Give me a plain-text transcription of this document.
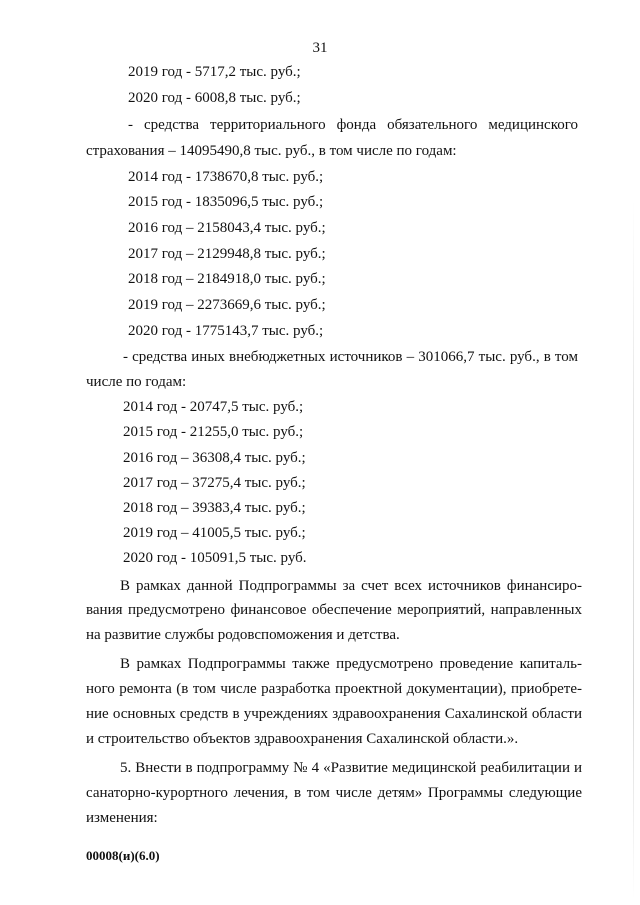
31
2019 год - 5717,2 тыс. руб.;
2020 год - 6008,8 тыс. руб.;
- средства территориального фонда обязательного медицинского
страхования – 14095490,8 тыс. руб., в том числе по годам:
2014 год - 1738670,8 тыс. руб.;
2015 год - 1835096,5 тыс. руб.;
2016 год – 2158043,4 тыс. руб.;
2017 год – 2129948,8 тыс. руб.;
2018 год – 2184918,0 тыс. руб.;
2019 год – 2273669,6 тыс. руб.;
2020 год - 1775143,7 тыс. руб.;
- средства иных внебюджетных источников – 301066,7 тыс. руб., в том
числе по годам:
2014 год - 20747,5 тыс. руб.;
2015 год - 21255,0 тыс. руб.;
2016 год – 36308,4 тыс. руб.;
2017 год – 37275,4 тыс. руб.;
2018 год – 39383,4 тыс. руб.;
2019 год – 41005,5 тыс. руб.;
2020 год - 105091,5 тыс. руб.
В рамках данной Подпрограммы за счет всех источников финансиро-
вания предусмотрено финансовое обеспечение мероприятий, направленных
на развитие службы родовспоможения и детства.
В рамках Подпрограммы также предусмотрено проведение капиталь-
ного ремонта (в том числе разработка проектной документации), приобрете-
ние основных средств в учреждениях здравоохранения Сахалинской области
и строительство объектов здравоохранения Сахалинской области.».
5. Внести в подпрограмму № 4 «Развитие медицинской реабилитации и
санаторно-курортного лечения, в том числе детям» Программы следующие
изменения:
00008(и)(6.0)
